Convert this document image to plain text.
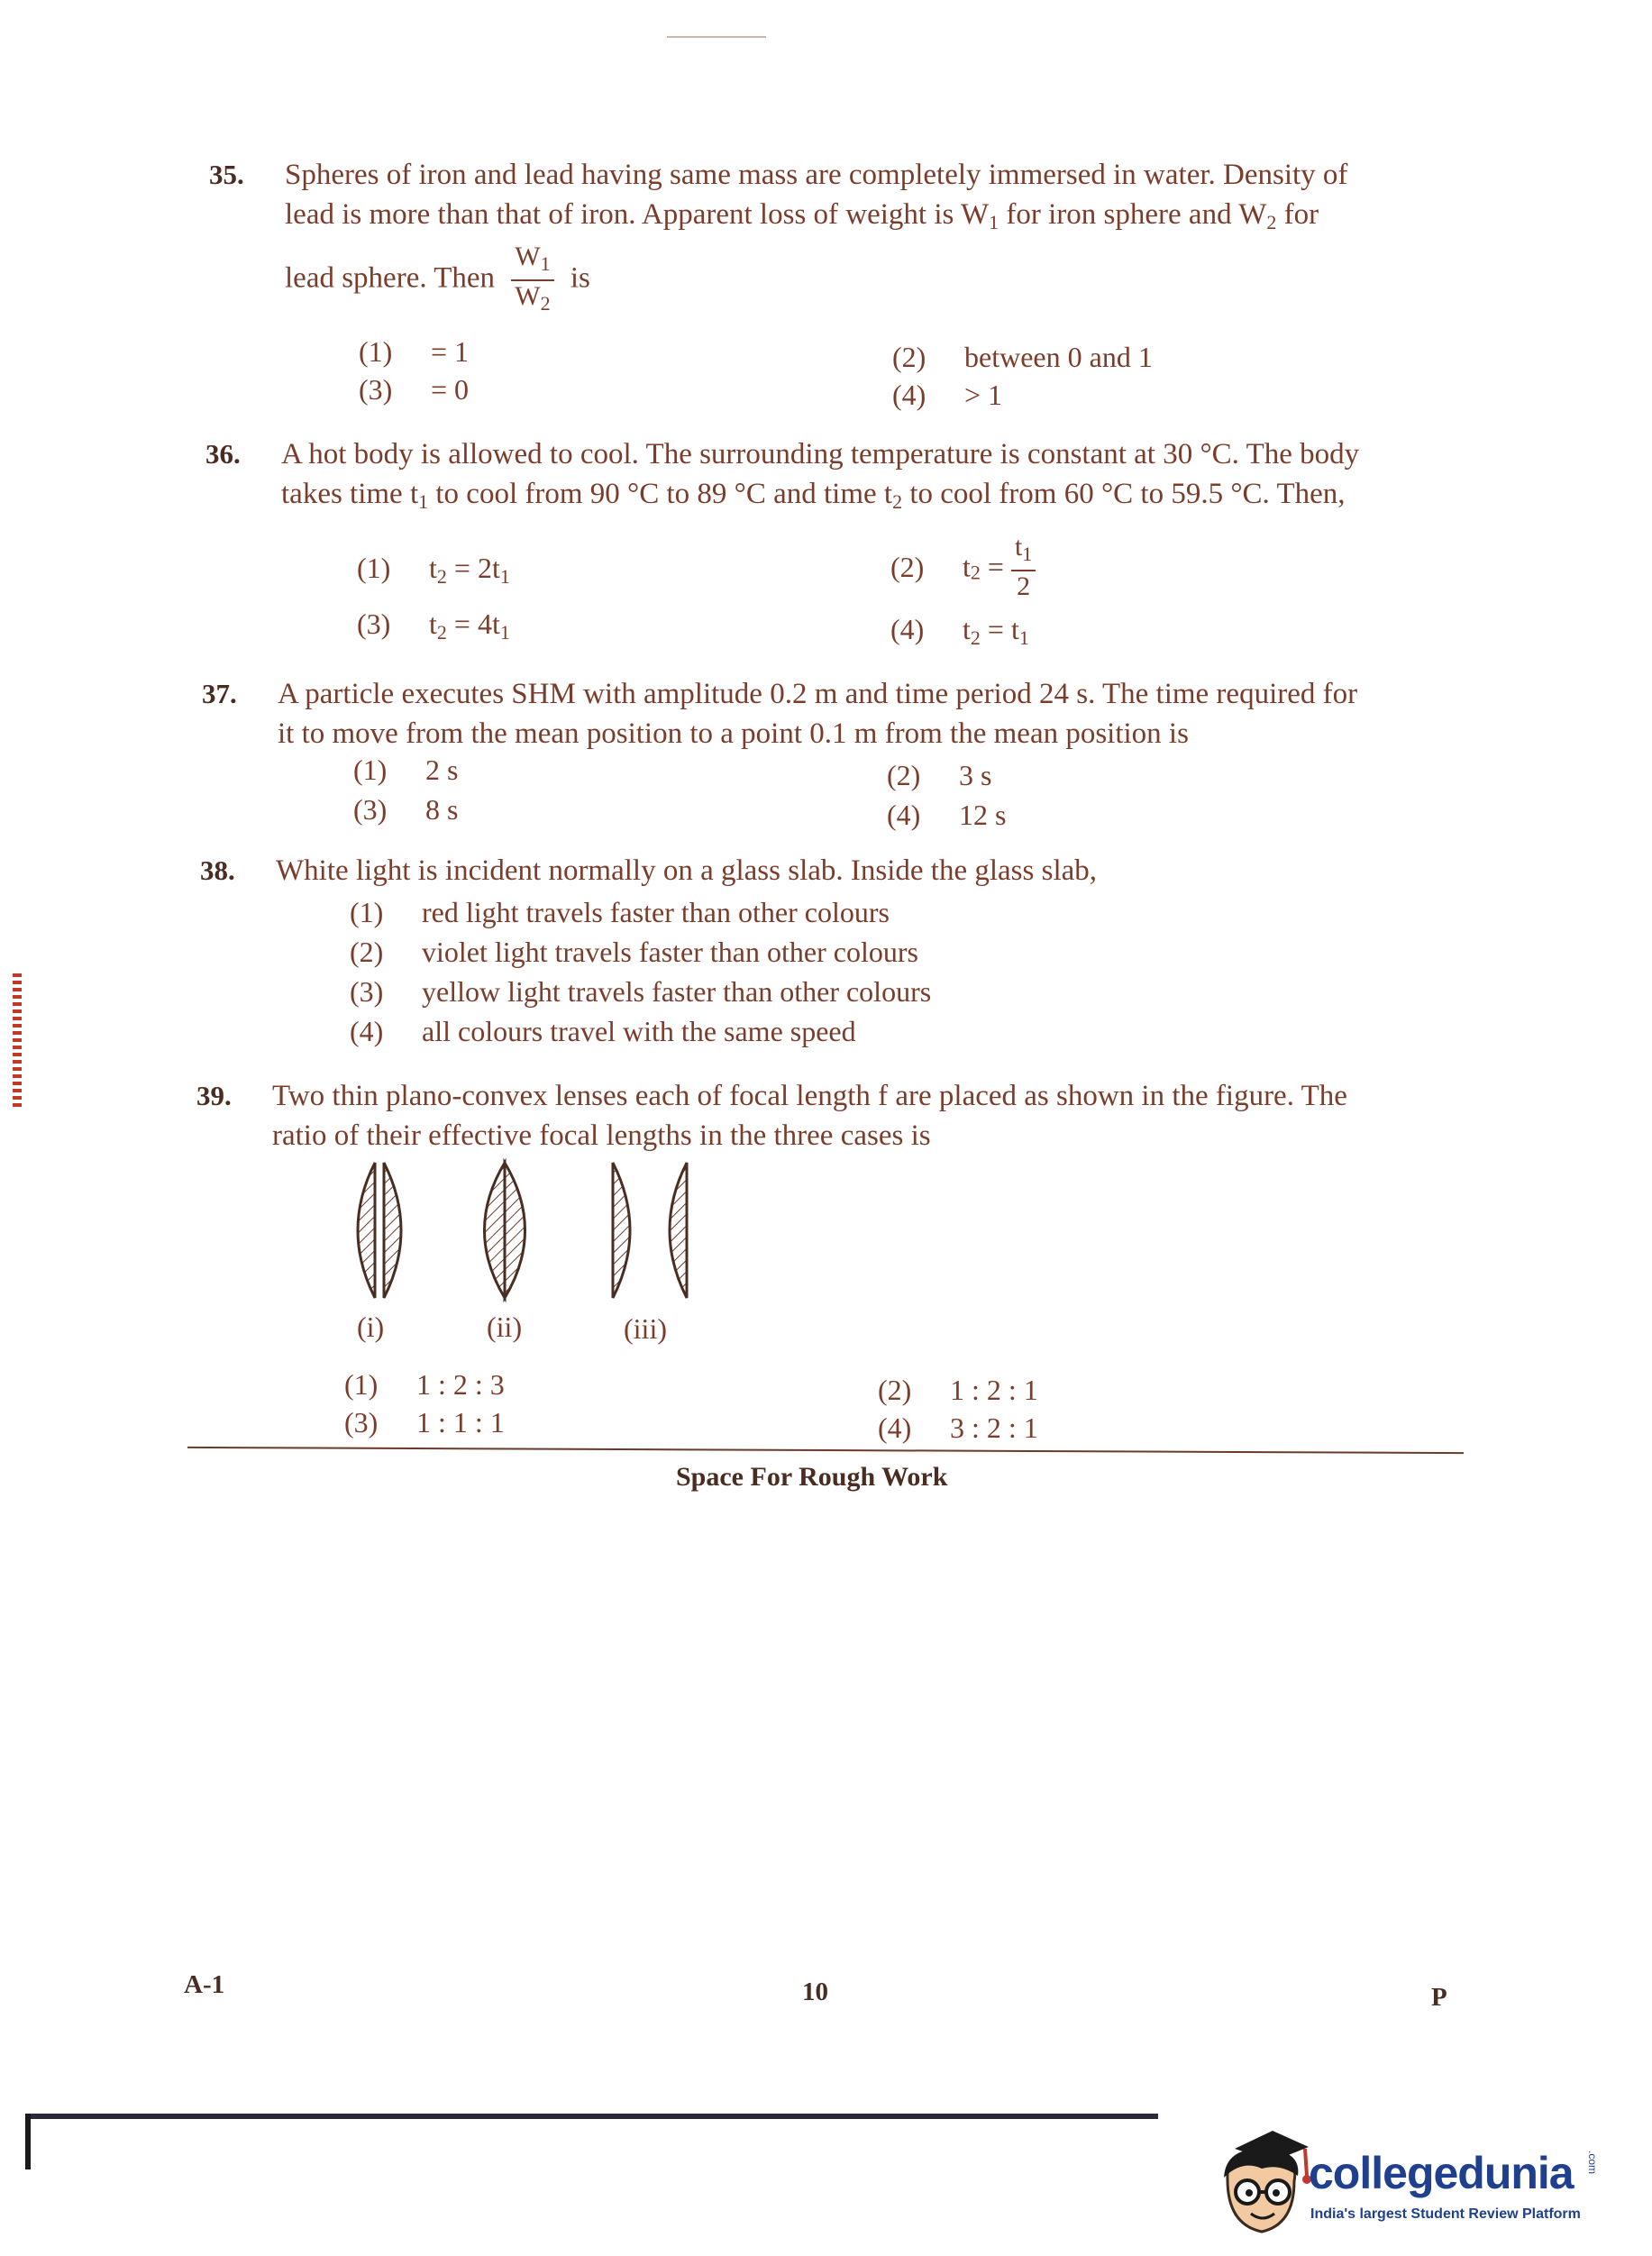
35. Spheres of iron and lead having same mass are completely immersed in water. Density of
lead is more than that of iron. Apparent loss of weight is $W_1$ for iron sphere and $W_2$ for
lead sphere. Then $\frac{W_1}{W_2}$ is
(1) = 1	(2) between 0 and 1
(3) = 0	(4) > 1
36. A hot body is allowed to cool. The surrounding temperature is constant at 30 °C. The body
takes time $t_1$ to cool from 90 °C to 89 °C and time $t_2$ to cool from 60 °C to 59.5 °C. Then,
(1) $t_2 = 2t_1$	(2) $t_2 = \frac{t_1}{2}$
(3) $t_2 = 4t_1$	(4) $t_2 = t_1$
37. A particle executes SHM with amplitude 0.2 m and time period 24 s. The time required for
it to move from the mean position to a point 0.1 m from the mean position is
(1) 2 s	(2) 3 s
(3) 8 s	(4) 12 s
38. White light is incident normally on a glass slab. Inside the glass slab,
(1) red light travels faster than other colours
(2) violet light travels faster than other colours
(3) yellow light travels faster than other colours
(4) all colours travel with the same speed
39. Two thin plano-convex lenses each of focal length f are placed as shown in the figure. The
ratio of their effective focal lengths in the three cases is
(i)	(ii)	(iii)
(1) 1 : 2 : 3	(2) 1 : 2 : 1
(3) 1 : 1 : 1	(4) 3 : 2 : 1
Space For Rough Work
A-1	10	P
collegedunia .com
India's largest Student Review Platform
